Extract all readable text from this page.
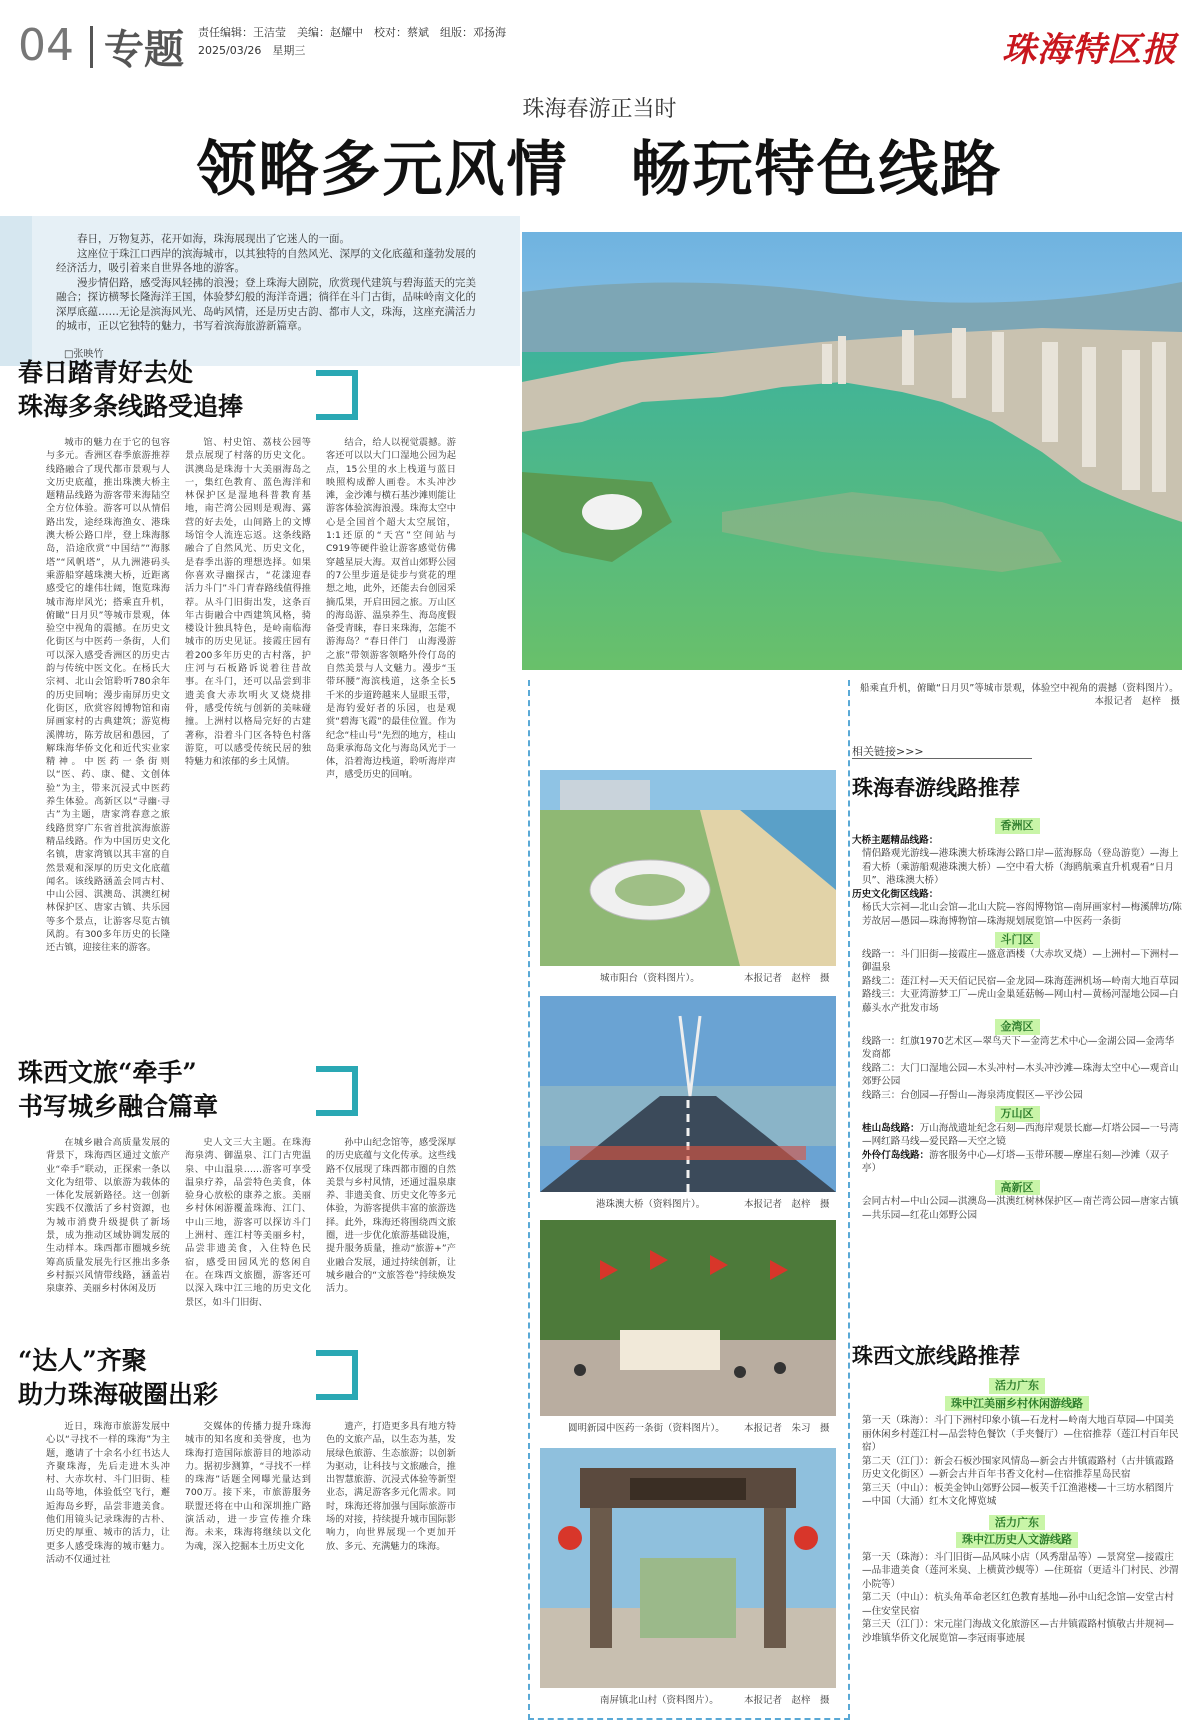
04 专题 责任编辑：王洁莹　美编：赵耀中　校对：蔡斌　组版：邓扬海
2025/03/26　星期三	珠海特区报
珠海春游正当时
领略多元风情　畅玩特色线路

春日，万物复苏，花开如海，珠海展现出了它迷人的一面。

这座位于珠江口西岸的滨海城市，以其独特的自然风光、深厚的文化底蕴和蓬勃发展的经济活力，吸引着来自世界各地的游客。

漫步情侣路，感受海风轻拂的浪漫；登上珠海大剧院，欣赏现代建筑与碧海蓝天的完美融合；探访横琴长隆海洋王国，体验梦幻般的海洋奇遇；徜徉在斗门古街，品味岭南文化的深厚底蕴……无论是滨海风光、岛屿风情，还是历史古韵、都市人文，珠海，这座充满活力的城市，正以它独特的魅力，书写着滨海旅游新篇章。

□张映竹
船乘直升机，俯瞰“日月贝”等城市景观，体验空中视角的震撼（资料图片）。
本报记者　赵梓　摄
春日踏青好去处
珠海多条线路受追捧

城市的魅力在于它的包容与多元。香洲区春季旅游推荐线路融合了现代都市景观与人文历史底蕴，推出珠澳大桥主题精品线路为游客带来海陆空全方位体验。游客可以从情侣路出发，途经珠海渔女、港珠澳大桥公路口岸，登上珠海豚岛，沿途欣赏“中国结”“海豚塔”“风帆塔”，从九洲港码头乘游船穿越珠澳大桥，近距离感受它的雄伟壮阔，饱览珠海城市海岸风光；搭乘直升机，俯瞰“日月贝”等城市景观，体验空中视角的震撼。在历史文化街区与中医药一条街，人们可以深入感受香洲区的历史古韵与传统中医文化。在杨氏大宗祠、北山会馆聆听780余年的历史回响；漫步南屏历史文化街区，欣赏容闳博物馆和南屏画家村的古典建筑；游览梅溪牌坊，陈芳故居和愚园，了解珠海华侨文化和近代实业家精神。中医药一条街则以“医、药、康、健、文创体验”为主，带来沉浸式中医药养生体验。高新区以“寻幽·寻古”为主题，唐家湾春意之旅线路贯穿广东省首批滨海旅游精品线路。作为中国历史文化名镇，唐家湾镇以其丰富的自然景观和深厚的历史文化底蕴闻名。该线路涵盖会同古村、中山公园、淇澳岛、淇澳红树林保护区、唐家古镇、共乐园等多个景点，让游客尽览古镇风韵。有300多年历史的长隆还古镇，迎接往来的游客。

馆、村史馆、荔枝公园等景点展现了村落的历史文化。淇澳岛是珠海十大美丽海岛之一，集红色教育、蓝色海洋和林保护区是湿地科普教育基地，南芒湾公园则是观海、露营的好去处，山间路上的文博场馆令人流连忘返。这条线路融合了自然风光、历史文化，是春季出游的理想选择。如果你喜欢寻幽探古，“花漾迎春　活力斗门”斗门青春路线值得推荐。从斗门旧街出发，这条百年古街融合中西建筑风格，骑楼设计独具特色，是岭南临海城市的历史见证。接霞庄园有着200多年历史的古村落，护庄河与石板路诉说着往昔故事。在斗门，还可以品尝到非遗美食大赤坎明火叉烧烧排骨，感受传统与创新的美味碰撞。上洲村以格局完好的古建著称，沿着斗门区各特色村落游览，可以感受传统民居的独特魅力和浓郁的乡土风情。

结合，给人以视觉震撼。游客还可以以大门口湿地公园为起点，15公里的水上栈道与蓝日映照构成醉人画卷。木头冲沙滩，金沙滩与横石基沙滩则能让游客体验滨海浪漫。珠海太空中心是全国首个超大太空展馆，1:1还原的“天宫”空间站与C919等硬件验让游客感觉仿佛穿越星辰大海。双首山郊野公园的7公里步道是徒步与赏花的理想之地，此外，还能去台创园采摘瓜果，开启田园之旅。万山区的海岛游、温泉养生、海岛度假备受青睐，春日来珠海，怎能不游海岛？“春日伴门　山海漫游之旅”带领游客领略外伶仃岛的自然美景与人文魅力。漫步“玉带环腰”海滨栈道，这条全长5千米的步道跨越来人显眼玉带，是海钓爱好者的乐园，也是观赏“碧海飞霞”的最佳位置。作为纪念“桂山号”先烈的地方，桂山岛秉承海岛文化与海岛风光于一体，沿着海边栈道，聆听海岸声声，感受历史的回响。

珠西文旅“牵手”
书写城乡融合篇章

在城乡融合高质量发展的背景下，珠海西区通过文旅产业“牵手”联动，正探索一条以文化为纽带、以旅游为载体的一体化发展新路径。这一创新实践不仅激活了乡村资源，也为城市消费升级提供了新场景，成为推动区域协调发展的生动样本。珠西都市圈城乡统筹高质量发展先行区推出多条乡村振兴风情带线路，涵盖岩泉康养、美丽乡村休闲及历

史人文三大主题。在珠海海泉湾、御温泉、江门古兜温泉、中山温泉……游客可享受温泉疗养，品尝特色美食，体验身心放松的康养之旅。美丽乡村休闲游覆盖珠海、江门、中山三地，游客可以探访斗门上洲村、莲江村等美丽乡村，品尝非遗美食，入住特色民宿，感受田园风光的悠闲自在。在珠西文旅圈，游客还可以深入珠中江三地的历史文化景区，如斗门旧街、

孙中山纪念馆等，感受深厚的历史底蕴与文化传承。这些线路不仅展现了珠西都市圈的自然美景与乡村风情，还通过温泉康养、非遗美食、历史文化等多元体验，为游客提供丰富的旅游选择。此外，珠海还将围绕西文旅圈，进一步优化旅游基础设施，提升服务质量，推动“旅游+”产业融合发展，通过持续创新，让城乡融合的“文旅答卷”持续焕发活力。

“达人”齐聚
助力珠海破圈出彩

近日，珠海市旅游发展中心以“寻找不一样的珠海”为主题，邀请了十余名小红书达人齐聚珠海，先后走进木头冲村、大赤坎村、斗门旧街、桂山岛等地，体验低空飞行，邂逅海岛乡野，品尝非遗美食。他们用镜头记录珠海的古朴、历史的厚重、城市的活力，让更多人感受珠海的城市魅力。活动不仅通过社

交媒体的传播力提升珠海城市的知名度和美誉度，也为珠海打造国际旅游目的地添动力。据初步测算，“寻找不一样的珠海”话题全网曝光量达到700万。接下来，市旅游服务联盟还将在中山和深圳推广路演活动，进一步宣传推介珠海。未来，珠海将继续以文化为魂，深入挖掘本土历史文化

遗产，打造更多具有地方特色的文旅产品，以生态为基，发展绿色旅游、生态旅游；以创新为驱动，让科技与文旅融合，推出智慧旅游、沉浸式体验等新型业态，满足游客多元化需求。同时，珠海还将加强与国际旅游市场的对接，持续提升城市国际影响力，向世界展现一个更加开放、多元、充满魅力的珠海。

城市阳台（资料图片）。	本报记者　赵梓　摄
港珠澳大桥（资料图片）。	本报记者　赵梓　摄
圆明新园中医药一条街（资料图片）。 本报记者　朱习　摄
南屏镇北山村（资料图片）。	本报记者　赵梓　摄
相关链接>>>
珠海春游线路推荐
香洲区
大桥主题精品线路：
情侣路观光游线—港珠澳大桥珠海公路口岸—蓝海豚岛（登岛游览）—海上看大桥（乘游船观港珠澳大桥）—空中看大桥（海鸥航乘直升机观看“日月贝”、港珠澳大桥）
历史文化街区线路：
杨氏大宗祠—北山会馆—北山大院—容闳博物馆—南屏画家村—梅溪牌坊/陈芳故居—愚园—珠海博物馆—珠海规划展览馆—中医药一条街
斗门区
线路一：斗门旧街—接霞庄—盛意酒楼（大赤坎叉烧）—上洲村—下洲村—御温泉
路线二：莲江村—天天佰记民宿—金龙园—珠海莲洲机场—岭南大地百草园
路线三：大亚湾游梦工厂—虎山金巢延菇畅—网山村—黄杨河湿地公园—白藤头水产批发市场
金湾区
线路一：红旗1970艺术区—翠鸟天下—金湾艺术中心—金湖公园—金湾华发商都
线路二：大门口湿地公园—木头冲村—木头冲沙滩—珠海太空中心—观音山郊野公园
线路三：台创园—孖髻山—海泉湾度假区—平沙公园
万山区
桂山岛线路：万山海战遗址纪念石刻—西海岸观景长廊—灯塔公园—一号湾—网红路马线—爱民路—天空之镜
外伶仃岛线路：游客服务中心—灯塔—玉带环腰—摩崖石刻—沙滩（双子亭）
高新区
会同古村—中山公园—淇澳岛—淇澳红树林保护区—南芒湾公园—唐家古镇—共乐园—红花山郊野公园
珠西文旅线路推荐
活力广东
珠中江美丽乡村休闲游线路
第一天（珠海）：斗门下洲村印象小镇—石龙村—岭南大地百草园—中国美丽休闲乡村莲江村—品尝特色餐饮（手夹餐厅）—住宿推荐（莲江村百年民宿）
第二天（江门）：新会石板沙围家风情岛—新会古井镇霞路村（古井镇霞路历史文化街区）—新会古井百年书香文化村—住宿推荐星岛民宿
第三天（中山）：板美金钟山郊野公园—板芙千江渔港楼—十三坊水稻图片—中国（大涌）红木文化博览城
活力广东
珠中江历史人文游线路
第一天（珠海）：斗门旧街—品风味小店（风秀甜品等）—景窝堂—接霞庄—品非遗美食（莲河米臭、上横黄沙蚬等）—住斑宿（更适斗门村民、沙渭小院等）
第二天（中山）：杭头角革命老区红色教育基地—孙中山纪念馆—安堂古村—住安堂民宿
第三天（江门）：宋元崖门海战文化旅游区—古井镇霞路村慎敬古井规祠—沙堆镇华侨文化展览馆—李冠雨事迹展
